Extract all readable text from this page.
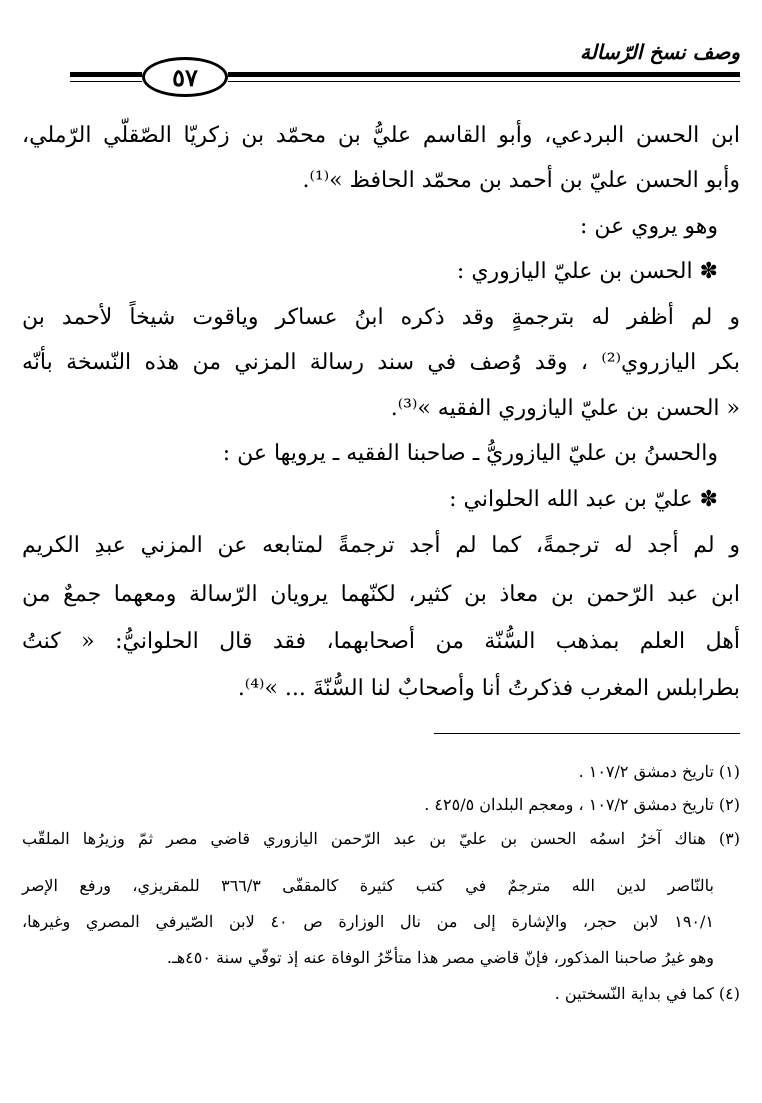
وصف نسخ الرّسالة
٥٧
ابن الحسن البردعي، وأبو القاسم عليُّ بن محمّد بن زكريّا الصّقلّي الرّملي،
وأبو الحسن عليّ بن أحمد بن محمّد الحافظ »⁽¹⁾.
وهو يروي عن :
✽ الحسن بن عليّ اليازوري :
و لم أظفر له بترجمةٍ وقد ذكره ابنُ عساكر وياقوت شيخاً لأحمد بن
بكر اليازروي⁽²⁾ ، وقد وُصف في سند رسالة المزني من هذه النّسخة بأنّه
« الحسن بن عليّ اليازوري الفقيه »⁽³⁾.
والحسنُ بن عليّ اليازوريُّ ـ صاحبنا الفقيه ـ يرويها عن :
✽ عليّ بن عبد الله الحلواني :
و لم أجد له ترجمةً، كما لم أجد ترجمةً لمتابعه عن المزني عبدِ الكريم
ابن عبد الرّحمن بن معاذ بن كثير، لكنّهما يرويان الرّسالة ومعهما جمعٌ من
أهل العلم بمذهب السُّنّة من أصحابهما، فقد قال الحلوانيُّ: « كنتُ
بطرابلس المغرب فذكرتُ أنا وأصحابٌ لنا السُّنّةَ ... »⁽⁴⁾.
(١) تاريخ دمشق ١٠٧/٢ .
(٢) تاريخ دمشق ١٠٧/٢ ، ومعجم البلدان ٤٢٥/٥ .
(٣) هناك آخرُ اسمُه الحسن بن عليّ بن عبد الرّحمن اليازوري قاضي مصر ثمّ وزيرُها الملقّب
بالنّاصر لدين الله مترجمٌ في كتب كثيرة كالمقفّى ٣٦٦/٣ للمقريزي، ورفع الإصر
١٩٠/١ لابن حجر، والإشارة إلى من نال الوزارة ص ٤٠ لابن الصّيرفي المصري وغيرها،
وهو غيرُ صاحبنا المذكور، فإنّ قاضي مصر هذا متأخّرُ الوفاة عنه إذ توفّي سنة ٤٥٠هـ.
(٤) كما في بداية النّسختين .
